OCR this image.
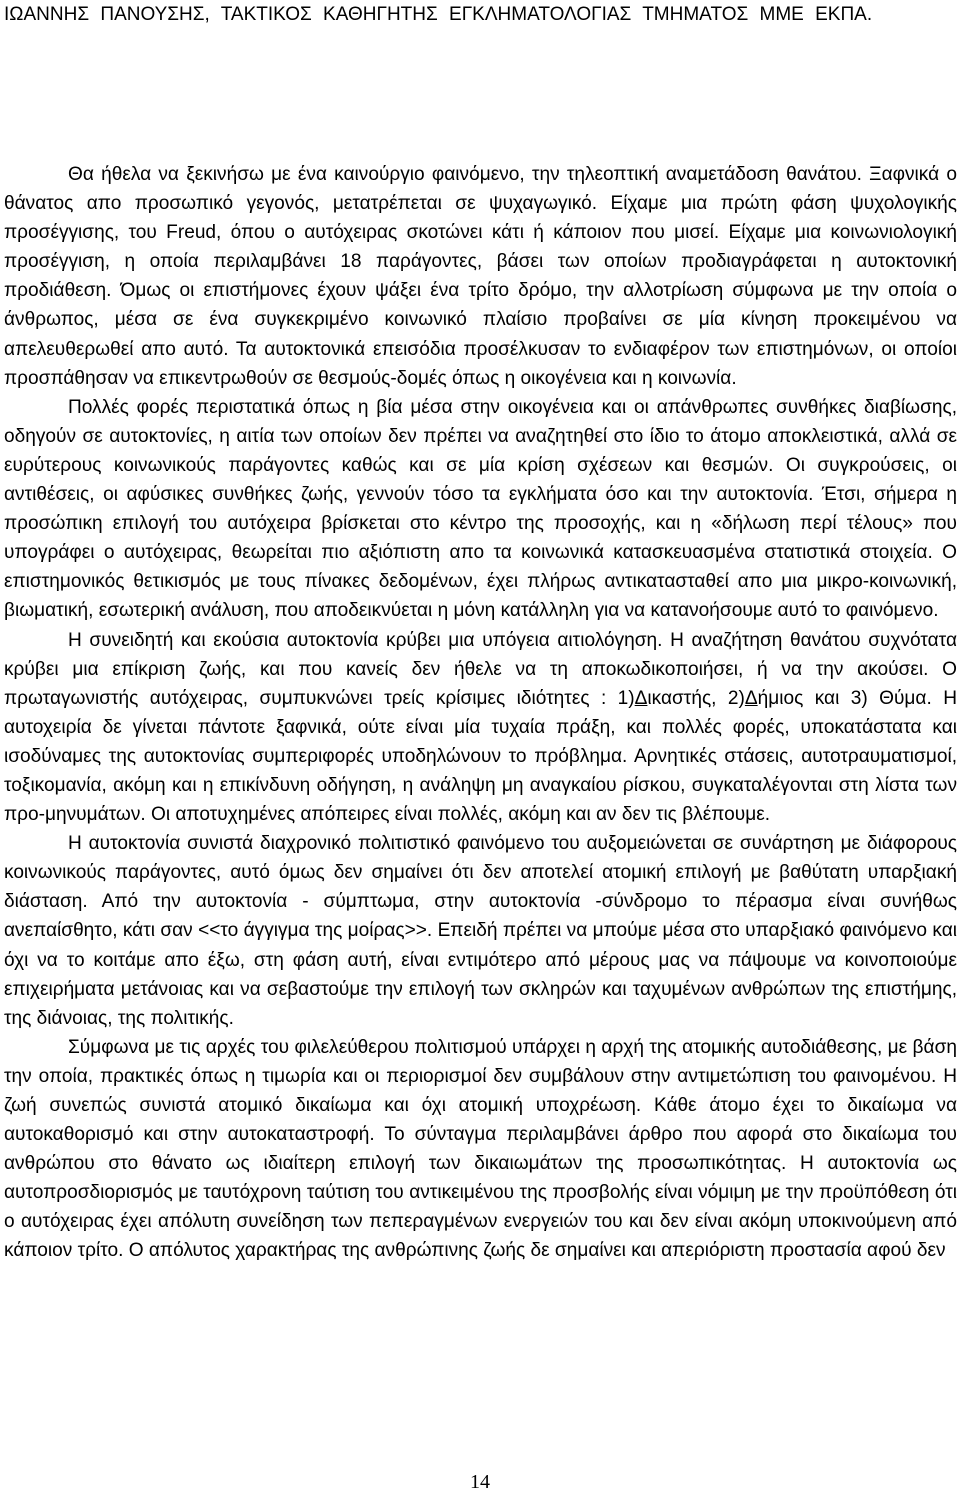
ΙΩΑΝΝΗΣ ΠΑΝΟΥΣΗΣ, ΤΑΚΤΙΚΟΣ ΚΑΘΗΓΗΤΗΣ ΕΓΚΛΗΜΑΤΟΛΟΓΙΑΣ ΤΜΗΜΑΤΟΣ ΜΜΕ ΕΚΠΑ.

Θα ήθελα να ξεκινήσω με ένα καινούργιο φαινόμενο, την τηλεοπτική αναμετάδοση θανάτου. Ξαφνικά ο θάνατος απο προσωπικό γεγονός, μετατρέπεται σε ψυχαγωγικό. Είχαμε μια πρώτη φάση ψυχολογικής προσέγγισης, του Freud, όπου ο αυτόχειρας σκοτώνει κάτι ή κάποιον που μισεί. Είχαμε μια κοινωνιολογική προσέγγιση, η οποία περιλαμβάνει 18 παράγοντες, βάσει των οποίων προδιαγράφεται η αυτοκτονική προδιάθεση. Όμως οι επιστήμονες έχουν ψάξει ένα τρίτο δρόμο, την αλλοτρίωση σύμφωνα με την οποία ο άνθρωπος, μέσα σε ένα συγκεκριμένο κοινωνικό πλαίσιο προβαίνει σε μία κίνηση προκειμένου να απελευθερωθεί απο αυτό. Τα αυτοκτονικά επεισόδια προσέλκυσαν το ενδιαφέρον των επιστημόνων, οι οποίοι προσπάθησαν να επικεντρωθούν σε θεσμούς-δομές όπως η οικογένεια και η κοινωνία.

Πολλές φορές περιστατικά όπως η βία μέσα στην οικογένεια και οι απάνθρωπες συνθήκες διαβίωσης, οδηγούν σε αυτοκτονίες, η αιτία των οποίων δεν πρέπει να αναζητηθεί στο ίδιο το άτομο αποκλειστικά, αλλά σε ευρύτερους κοινωνικούς παράγοντες καθώς και σε μία κρίση σχέσεων και θεσμών. Οι συγκρούσεις, οι αντιθέσεις, οι αφύσικες συνθήκες ζωής, γεννούν τόσο τα εγκλήματα όσο και την αυτοκτονία. Έτσι, σήμερα η προσώπικη επιλογή του αυτόχειρα βρίσκεται στο κέντρο της προσοχής, και η «δήλωση περί τέλους» που υπογράφει ο αυτόχειρας, θεωρείται πιο αξιόπιστη απο τα κοινωνικά κατασκευασμένα στατιστικά στοιχεία. Ο επιστημονικός θετικισμός με τους πίνακες δεδομένων, έχει πλήρως αντικατασταθεί απο μια μικρο-κοινωνική, βιωματική, εσωτερική ανάλυση, που αποδεικνύεται η μόνη κατάλληλη για να κατανοήσουμε αυτό το φαινόμενο.

Η συνειδητή και εκούσια αυτοκτονία κρύβει μια υπόγεια αιτιολόγηση. Η αναζήτηση θανάτου συχνότατα κρύβει μια επίκριση ζωής, και που κανείς δεν ήθελε να τη αποκωδικοποιήσει, ή να την ακούσει. Ο πρωταγωνιστής αυτόχειρας, συμπυκνώνει τρείς κρίσιμες ιδιότητες : 1)Δικαστής, 2)Δήμιος και 3) Θύμα. Η αυτοχειρία δε γίνεται πάντοτε ξαφνικά, ούτε είναι μία τυχαία πράξη, και πολλές φορές, υποκατάστατα και ισοδύναμες της αυτοκτονίας συμπεριφορές υποδηλώνουν το πρόβλημα. Αρνητικές στάσεις, αυτοτραυματισμοί, τοξικομανία, ακόμη και η επικίνδυνη οδήγηση, η ανάληψη μη αναγκαίου ρίσκου, συγκαταλέγονται στη λίστα των προ-μηνυμάτων. Οι αποτυχημένες απόπειρες είναι πολλές, ακόμη και αν δεν τις βλέπουμε.

Η αυτοκτονία συνιστά διαχρονικό πολιτιστικό φαινόμενο του αυξομειώνεται σε συνάρτηση με διάφορους κοινωνικούς παράγοντες, αυτό όμως δεν σημαίνει ότι δεν αποτελεί ατομική επιλογή με βαθύτατη υπαρξιακή διάσταση. Από την αυτοκτονία - σύμπτωμα, στην αυτοκτονία -σύνδρομο το πέρασμα είναι συνήθως ανεπαίσθητο, κάτι σαν <<το άγγιγμα της μοίρας>>. Επειδή πρέπει να μπούμε μέσα στο υπαρξιακό φαινόμενο και όχι να το κοιτάμε απο έξω, στη φάση αυτή, είναι εντιμότερο από μέρους μας να πάψουμε να κοινοποιούμε επιχειρήματα μετάνοιας και να σεβαστούμε την επιλογή των σκληρών και ταχυμένων ανθρώπων της επιστήμης, της διάνοιας, της πολιτικής.

Σύμφωνα με τις αρχές του φιλελεύθερου πολιτισμού υπάρχει η αρχή της ατομικής αυτοδιάθεσης, με βάση την οποία, πρακτικές όπως η τιμωρία και οι περιορισμοί δεν συμβάλουν στην αντιμετώπιση του φαινομένου. Η ζωή συνεπώς συνιστά ατομικό δικαίωμα και όχι ατομική υποχρέωση. Κάθε άτομο έχει το δικαίωμα να αυτοκαθορισμό και στην αυτοκαταστροφή. Το σύνταγμα περιλαμβάνει άρθρο που αφορά στο δικαίωμα του ανθρώπου στο θάνατο ως ιδιαίτερη επιλογή των δικαιωμάτων της προσωπικότητας. Η αυτοκτονία ως αυτοπροσδιορισμός με ταυτόχρονη ταύτιση του αντικειμένου της προσβολής είναι νόμιμη με την προϋπόθεση ότι ο αυτόχειρας έχει απόλυτη συνείδηση των πεπεραγμένων ενεργειών του και δεν είναι ακόμη υποκινούμενη από κάποιον τρίτο. Ο απόλυτος χαρακτήρας της ανθρώπινης ζωής δε σημαίνει και απεριόριστη προστασία αφού δεν

14
